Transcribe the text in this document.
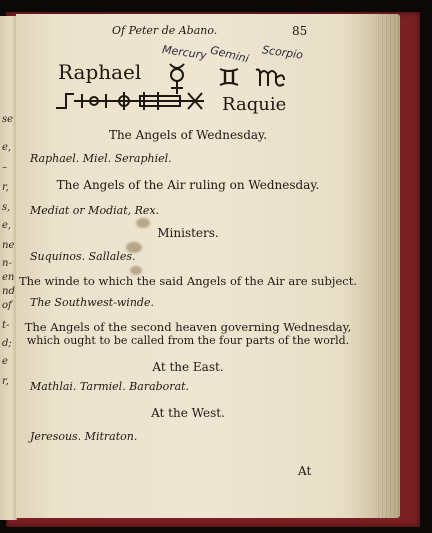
se
e,
–
r,
s,
e,
ne
n-
en
nd
of
t-
d;
e
r,
Of Peter de Abano.	85
Mercury Gemini Scorpio
Raphael
Raquie
The Angels of Wednesday.
Raphael. Miel. Seraphiel.
The Angels of the Air ruling on Wednesday.
Mediat or Modiat, Rex.
Ministers.
Suquinos. Sallales.
The winde to which the said Angels of the Air are subject.
The Southwest-winde.
The Angels of the second heaven governing Wednesday,
which ought to be called from the four parts of the world.
At the East.
Mathlai. Tarmiel. Baraborat.
At the West.
Jeresous. Mitraton.
At
